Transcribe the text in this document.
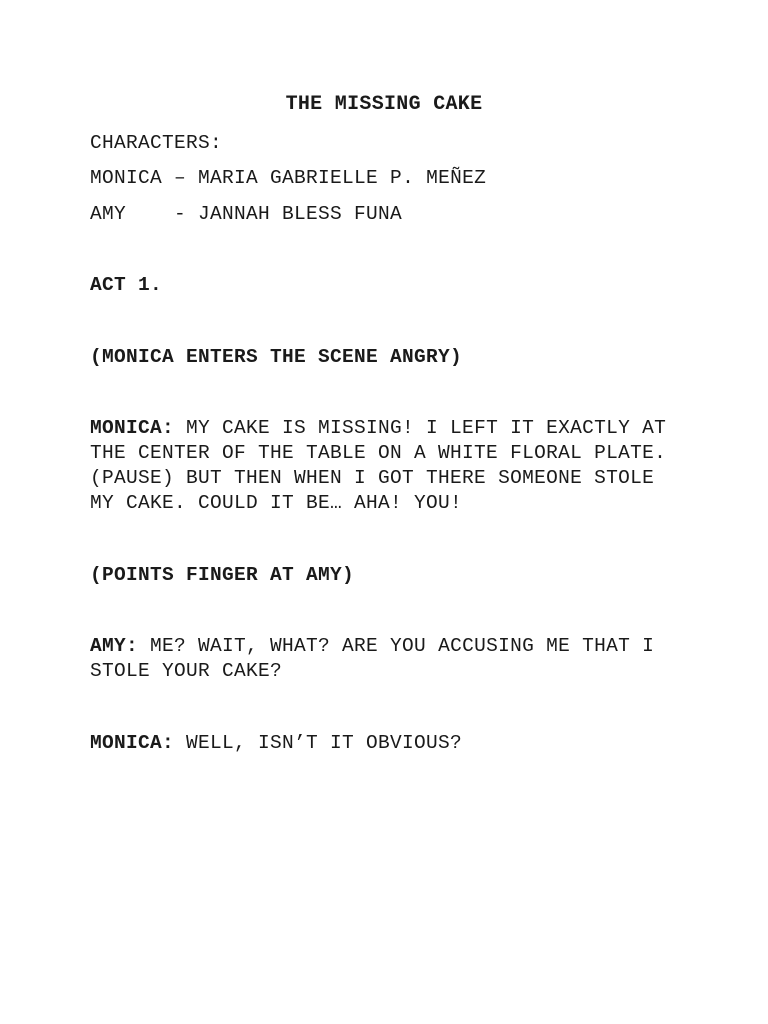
THE MISSING CAKE
CHARACTERS:
MONICA – MARIA GABRIELLE P. MEÑEZ
AMY    - JANNAH BLESS FUNA
ACT 1.
(MONICA ENTERS THE SCENE ANGRY)
MONICA: MY CAKE IS MISSING! I LEFT IT EXACTLY AT THE CENTER OF THE TABLE ON A WHITE FLORAL PLATE. (PAUSE) BUT THEN WHEN I GOT THERE SOMEONE STOLE MY CAKE. COULD IT BE… AHA! YOU!
(POINTS FINGER AT AMY)
AMY: ME? WAIT, WHAT? ARE YOU ACCUSING ME THAT I STOLE YOUR CAKE?
MONICA: WELL, ISN’T IT OBVIOUS?
